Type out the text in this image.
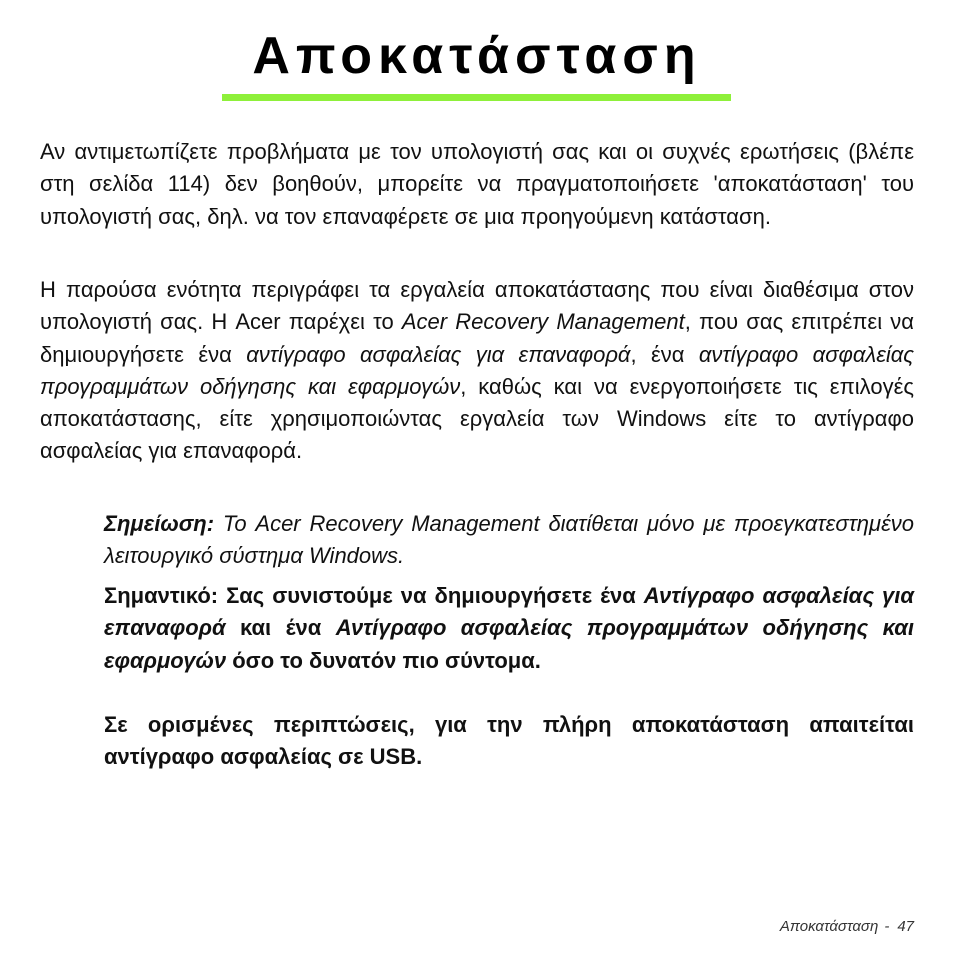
Αποκατάσταση

Αν αντιμετωπίζετε προβλήματα με τον υπολογιστή σας και οι συχνές ερωτήσεις (βλέπε στη σελίδα 114) δεν βοηθούν, μπορείτε να πραγματοποιήσετε 'αποκατάσταση' του υπολογιστή σας, δηλ. να τον επαναφέρετε σε μια προηγούμενη κατάσταση.

Η παρούσα ενότητα περιγράφει τα εργαλεία αποκατάστασης που είναι διαθέσιμα στον υπολογιστή σας. Η Acer παρέχει το Acer Recovery Management, που σας επιτρέπει να δημιουργήσετε ένα αντίγραφο ασφαλείας για επαναφορά, ένα αντίγραφο ασφαλείας προγραμμάτων οδήγησης και εφαρμογών, καθώς και να ενεργοποιήσετε τις επιλογές αποκατάστασης, είτε χρησιμοποιώντας εργαλεία των Windows είτε το αντίγραφο ασφαλείας για επαναφορά.

Σημείωση: Το Acer Recovery Management διατίθεται μόνο με προεγκατεστημένο λειτουργικό σύστημα Windows.

Σημαντικό: Σας συνιστούμε να δημιουργήσετε ένα Αντίγραφο ασφαλείας για επαναφορά και ένα Αντίγραφο ασφαλείας προγραμμάτων οδήγησης και εφαρμογών όσο το δυνατόν πιο σύντομα.

Σε ορισμένες περιπτώσεις, για την πλήρη αποκατάσταση απαιτείται αντίγραφο ασφαλείας σε USB.

Αποκατάσταση - 47
